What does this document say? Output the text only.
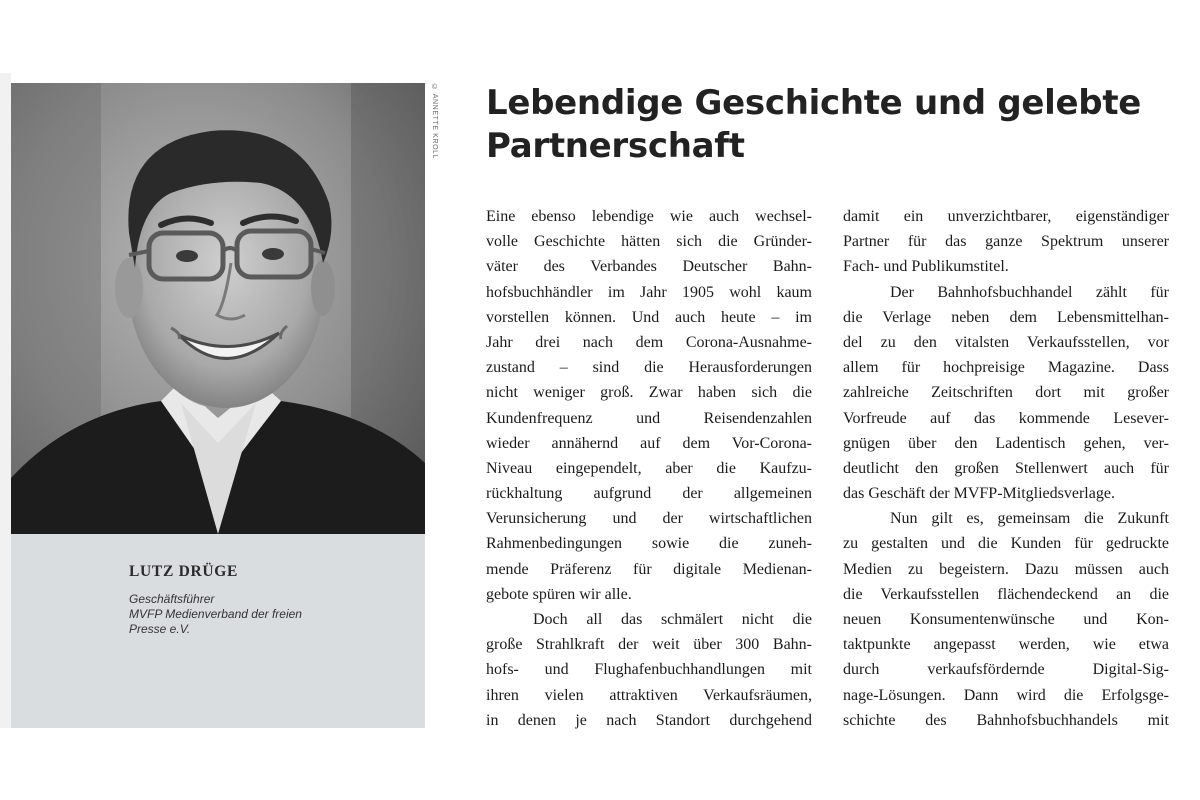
© ANNETTE KROLL

LUTZ DRÜGE

Geschäftsführer
MVFP Medienverband der freien
Presse e.V.

Lebendige Geschichte und gelebte
Partnerschaft
Eine ebenso lebendige wie auch wechsel-
volle Geschichte hätten sich die Gründer-
väter des Verbandes Deutscher Bahn-
hofsbuchhändler im Jahr 1905 wohl kaum
vorstellen können. Und auch heute – im
Jahr drei nach dem Corona-Ausnahme-
zustand – sind die Herausforderungen
nicht weniger groß. Zwar haben sich die
Kundenfrequenz und Reisendenzahlen
wieder annähernd auf dem Vor-Corona-
Niveau eingependelt, aber die Kaufzu-
rückhaltung aufgrund der allgemeinen
Verunsicherung und der wirtschaftlichen
Rahmenbedingungen sowie die zuneh-
mende Präferenz für digitale Medienan-
gebote spüren wir alle.
Doch all das schmälert nicht die
große Strahlkraft der weit über 300 Bahn-
hofs- und Flughafenbuchhandlungen mit
ihren vielen attraktiven Verkaufsräumen,
in denen je nach Standort durchgehend
damit ein unverzichtbarer, eigenständiger
Partner für das ganze Spektrum unserer
Fach- und Publikumstitel.
Der Bahnhofsbuchhandel zählt für
die Verlage neben dem Lebensmittelhan-
del zu den vitalsten Verkaufsstellen, vor
allem für hochpreisige Magazine. Dass
zahlreiche Zeitschriften dort mit großer
Vorfreude auf das kommende Lesever-
gnügen über den Ladentisch gehen, ver-
deutlicht den großen Stellenwert auch für
das Geschäft der MVFP-Mitgliedsverlage.
Nun gilt es, gemeinsam die Zukunft
zu gestalten und die Kunden für gedruckte
Medien zu begeistern. Dazu müssen auch
die Verkaufsstellen flächendeckend an die
neuen Konsumentenwünsche und Kon-
taktpunkte angepasst werden, wie etwa
durch verkaufsfördernde Digital-Sig-
nage-Lösungen. Dann wird die Erfolgsge-
schichte des Bahnhofsbuchhandels mit
